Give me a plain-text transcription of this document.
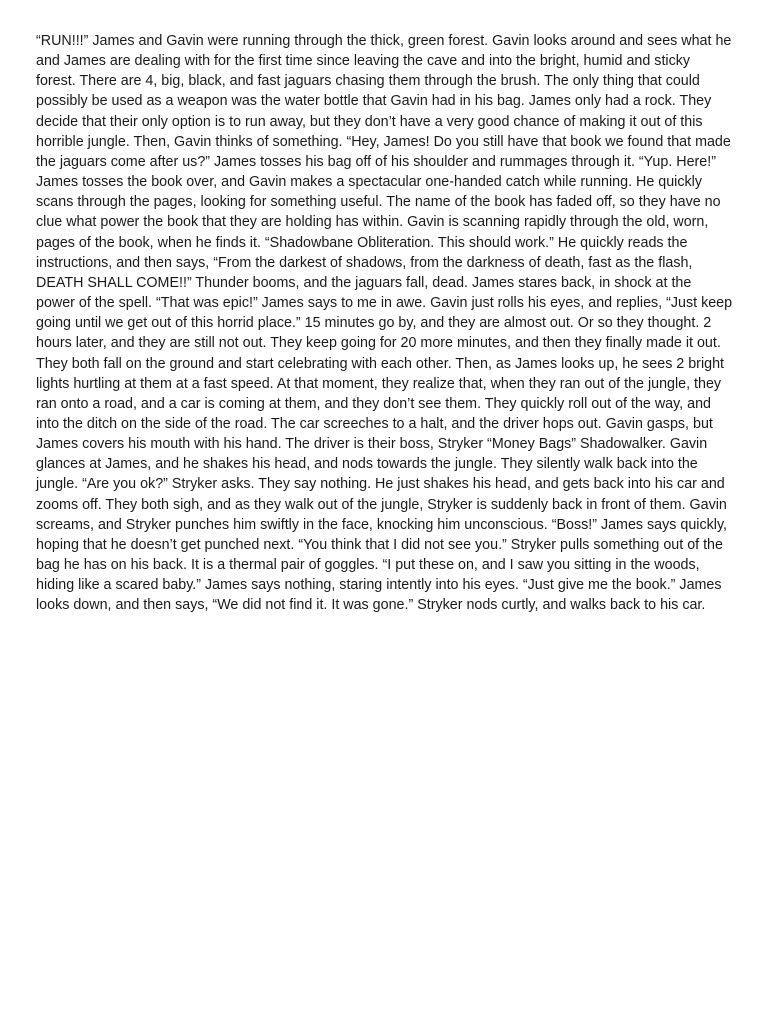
“RUN!!!” James and Gavin were running through the thick, green forest. Gavin looks around and sees what he and James are dealing with for the first time since leaving the cave and into the bright, humid and sticky forest. There are 4, big, black, and fast jaguars chasing them through the brush. The only thing that could possibly be used as a weapon was the water bottle that Gavin had in his bag. James only had a rock. They decide that their only option is to run away, but they don’t have a very good chance of making it out of this horrible jungle. Then, Gavin thinks of something. “Hey, James! Do you still have that book we found that made the jaguars come after us?” James tosses his bag off of his shoulder and rummages through it. “Yup. Here!” James tosses the book over, and Gavin makes a spectacular one-handed catch while running. He quickly scans through the pages, looking for something useful. The name of the book has faded off, so they have no clue what power the book that they are holding has within. Gavin is scanning rapidly through the old, worn, pages of the book, when he finds it. “Shadowbane Obliteration. This should work.” He quickly reads the instructions, and then says, “From the darkest of shadows, from the darkness of death, fast as the flash, DEATH SHALL COME!!” Thunder booms, and the jaguars fall, dead. James stares back, in shock at the power of the spell. “That was epic!” James says to me in awe. Gavin just rolls his eyes, and replies, “Just keep going until we get out of this horrid place.” 15 minutes go by, and they are almost out. Or so they thought. 2 hours later, and they are still not out. They keep going for 20 more minutes, and then they finally made it out. They both fall on the ground and start celebrating with each other. Then, as James looks up, he sees 2 bright lights hurtling at them at a fast speed. At that moment, they realize that, when they ran out of the jungle, they ran onto a road, and a car is coming at them, and they don’t see them. They quickly roll out of the way, and into the ditch on the side of the road. The car screeches to a halt, and the driver hops out. Gavin gasps, but James covers his mouth with his hand. The driver is their boss, Stryker “Money Bags” Shadowalker. Gavin glances at James, and he shakes his head, and nods towards the jungle. They silently walk back into the jungle. “Are you ok?” Stryker asks. They say nothing. He just shakes his head, and gets back into his car and zooms off. They both sigh, and as they walk out of the jungle, Stryker is suddenly back in front of them. Gavin screams, and Stryker punches him swiftly in the face, knocking him unconscious. “Boss!” James says quickly, hoping that he doesn’t get punched next. “You think that I did not see you.” Stryker pulls something out of the bag he has on his back. It is a thermal pair of goggles. “I put these on, and I saw you sitting in the woods, hiding like a scared baby.” James says nothing, staring intently into his eyes. “Just give me the book.” James looks down, and then says, “We did not find it. It was gone.” Stryker nods curtly, and walks back to his car.
